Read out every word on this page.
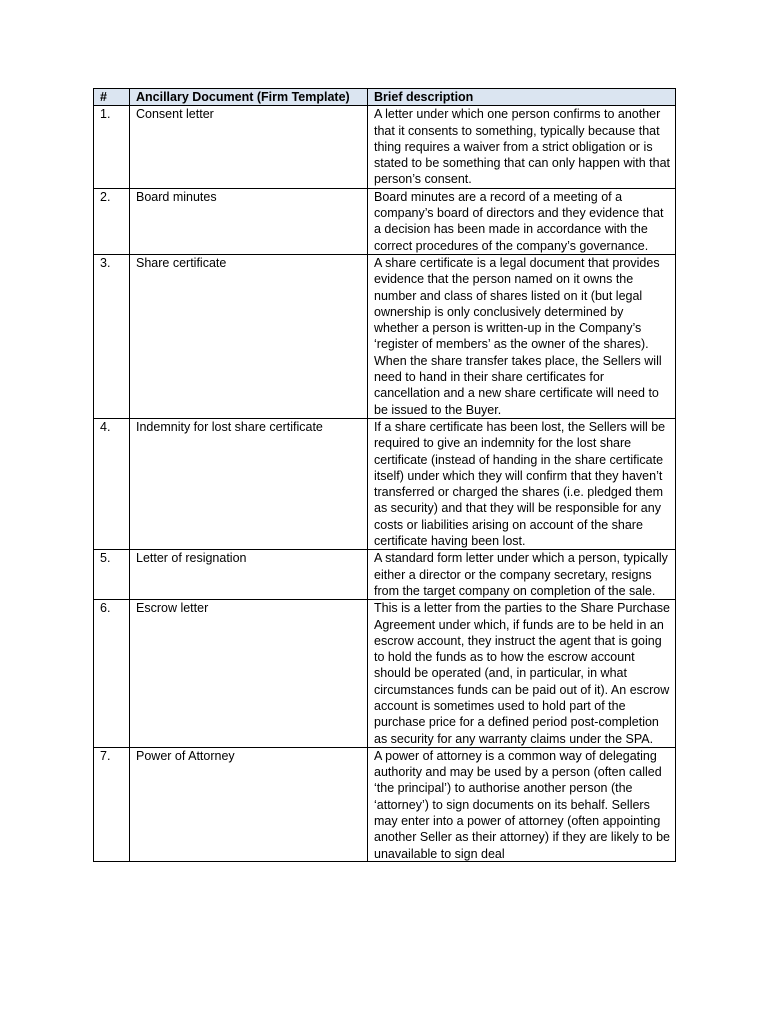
#	Ancillary Document (Firm Template)	Brief description
1.	Consent letter	A letter under which one person confirms to another that it consents to something, typically because that thing requires a waiver from a strict obligation or is stated to be something that can only happen with that person’s consent.
2.	Board minutes	Board minutes are a record of a meeting of a company’s board of directors and they evidence that a decision has been made in accordance with the correct procedures of the company’s governance.
3.	Share certificate	A share certificate is a legal document that provides evidence that the person named on it owns the number and class of shares listed on it (but legal ownership is only conclusively determined by whether a person is written-up in the Company’s ‘register of members’ as the owner of the shares). When the share transfer takes place, the Sellers will need to hand in their share certificates for cancellation and a new share certificate will need to be issued to the Buyer.
4.	Indemnity for lost share certificate	If a share certificate has been lost, the Sellers will be required to give an indemnity for the lost share certificate (instead of handing in the share certificate itself) under which they will confirm that they haven’t transferred or charged the shares (i.e. pledged them as security) and that they will be responsible for any costs or liabilities arising on account of the share certificate having been lost.
5.	Letter of resignation	A standard form letter under which a person, typically either a director or the company secretary, resigns from the target company on completion of the sale.
6.	Escrow letter	This is a letter from the parties to the Share Purchase Agreement under which, if funds are to be held in an escrow account, they instruct the agent that is going to hold the funds as to how the escrow account should be operated (and, in particular, in what circumstances funds can be paid out of it). An escrow account is sometimes used to hold part of the purchase price for a defined period post-completion as security for any warranty claims under the SPA.
7.	Power of Attorney	A power of attorney is a common way of delegating authority and may be used by a person (often called ‘the principal’) to authorise another person (the ‘attorney’) to sign documents on its behalf. Sellers may enter into a power of attorney (often appointing another Seller as their attorney) if they are likely to be unavailable to sign deal
